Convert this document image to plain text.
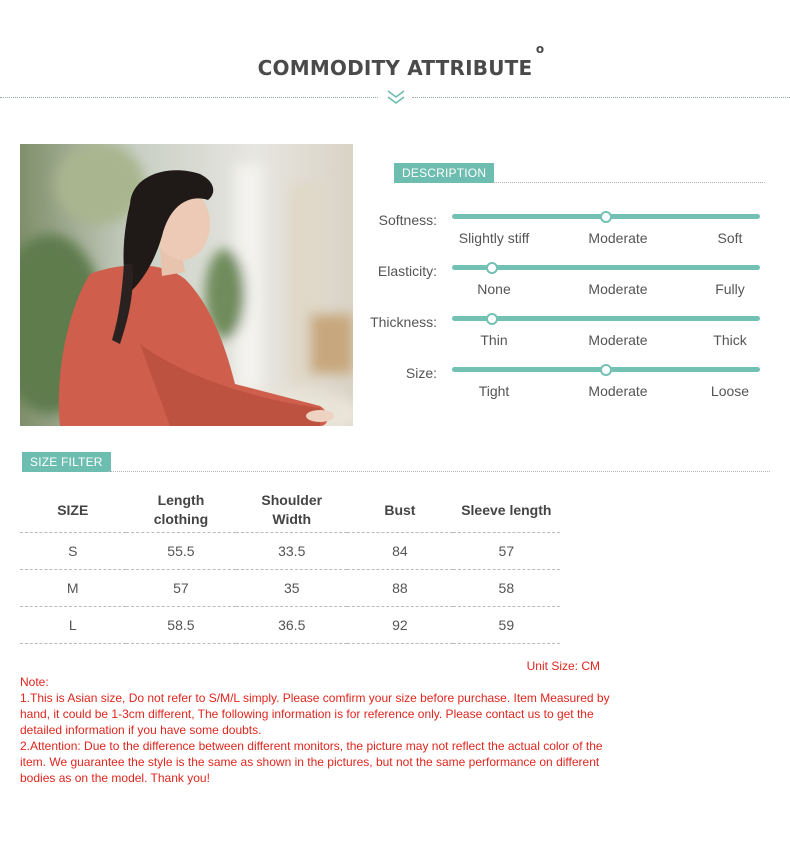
COMMODITY ATTRIBUTE
o
DESCRIPTION
Softness:
Slightly stiff	Moderate	Soft
Elasticity:
None	Moderate	Fully
Thickness:
Thin	Moderate	Thick
Size:
Tight	Moderate	Loose
SIZE FILTER
SIZE	Length clothing	Shoulder Width	Bust	Sleeve length
S	55.5	33.5	84	57
M	57	35	88	58
L	58.5	36.5	92	59
Unit Size: CM

Note:

1.This is Asian size, Do not refer to S/M/L simply. Please comfirm your size before purchase. Item Measured by hand, it could be 1-3cm different, The following information is for reference only. Please contact us to get the detailed information if you have some doubts.

2.Attention: Due to the difference between different monitors, the picture may not reflect the actual color of the item. We guarantee the style is the same as shown in the pictures, but not the same performance on different bodies as on the model. Thank you!
